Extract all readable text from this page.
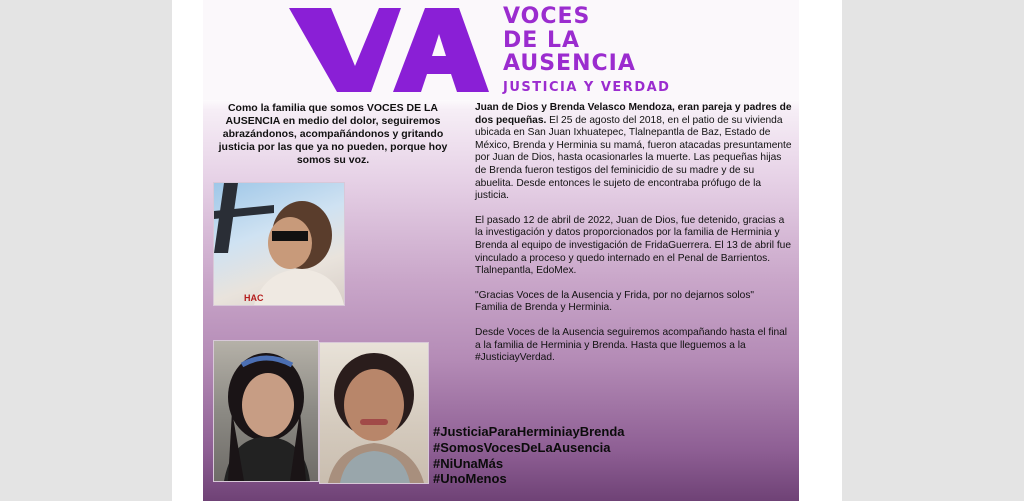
VOCES
DE LA
AUSENCIA
JUSTICIA Y VERDAD
Como la familia que somos VOCES DE LA AUSENCIA en medio del dolor, seguiremos abrazándonos, acompañándonos y gritando justicia por las que ya no pueden, porque hoy somos su voz.

Juan de Dios y Brenda Velasco Mendoza, eran pareja y padres de dos pequeñas. El 25 de agosto del 2018, en el patio de su vivienda ubicada en San Juan Ixhuatepec, Tlalnepantla de Baz, Estado de México, Brenda y Herminia su mamá, fueron atacadas presuntamente por Juan de Dios, hasta ocasionarles la muerte. Las pequeñas hijas de Brenda fueron testigos del feminicidio de su madre y de su abuelita. Desde entonces le sujeto de encontraba prófugo de la justicia.

El pasado 12 de abril de 2022, Juan de Dios, fue detenido, gracias a la investigación y datos proporcionados por la familia de Herminia y Brenda al equipo de investigación de FridaGuerrera. El 13 de abril fue vinculado a proceso y quedo internado en el Penal de Barrientos. Tlalnepantla, EdoMex.

"Gracias Voces de la Ausencia y Frida, por no dejarnos solos"
Familia de Brenda y Herminia.

Desde Voces de la Ausencia seguiremos acompañando hasta el final a la familia de Herminia y Brenda. Hasta que lleguemos a la #JusticiayVerdad.

HAC
#JusticiaParaHerminiayBrenda
#SomosVocesDeLaAusencia
#NiUnaMás
#UnoMenos
